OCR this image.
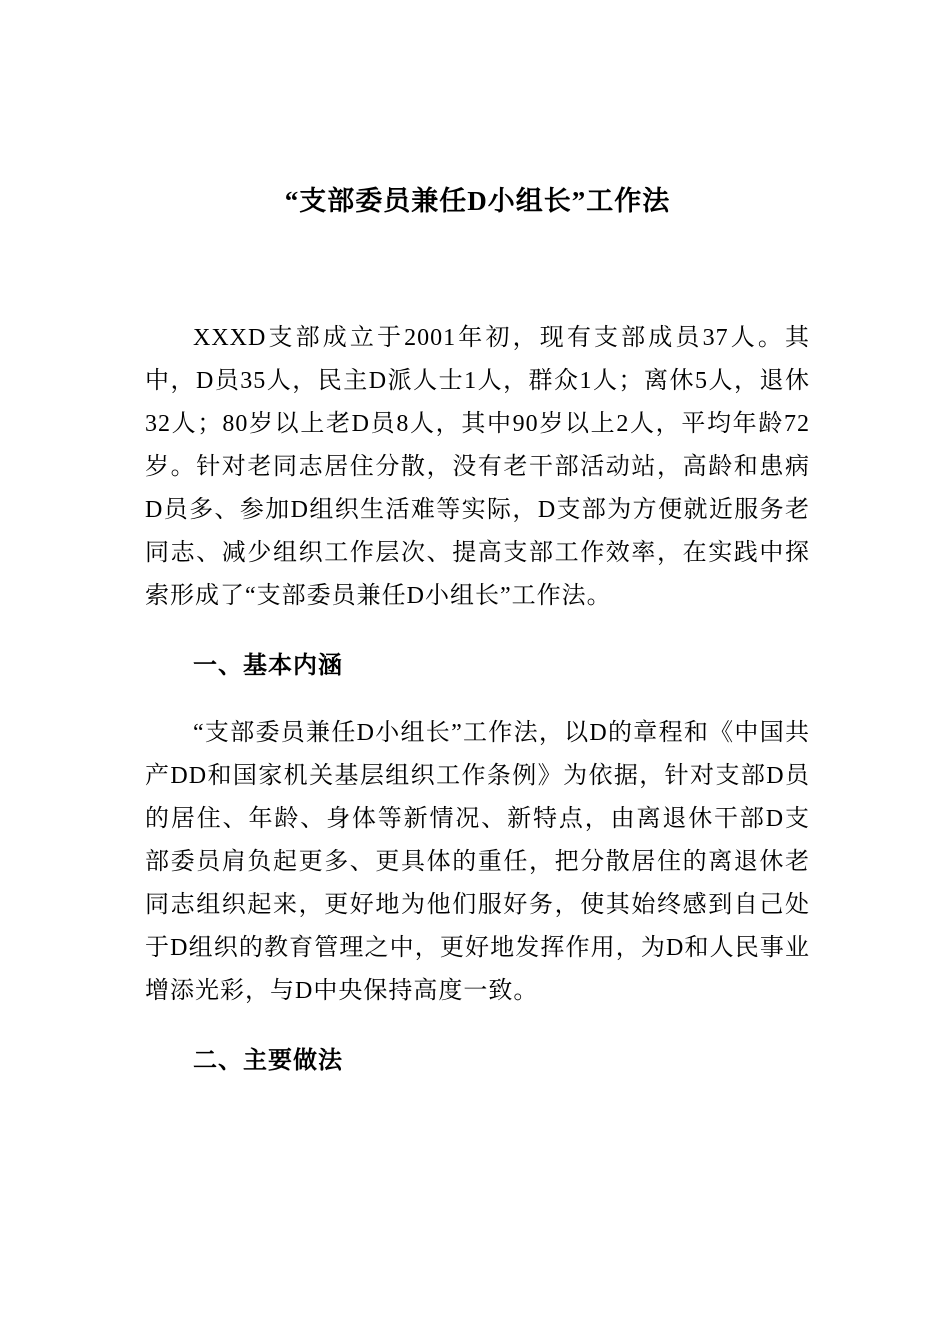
“支部委员兼任D小组长”工作法
XXXD支部成立于2001年初，现有支部成员37人。其中，D员35人，民主D派人士1人，群众1人；离休5人，退休32人；80岁以上老D员8人，其中90岁以上2人，平均年龄72岁。针对老同志居住分散，没有老干部活动站，高龄和患病D员多、参加D组织生活难等实际，D支部为方便就近服务老同志、减少组织工作层次、提高支部工作效率，在实践中探索形成了“支部委员兼任D小组长”工作法。
一、基本内涵
“支部委员兼任D小组长”工作法，以D的章程和《中国共产DD和国家机关基层组织工作条例》为依据，针对支部D员的居住、年龄、身体等新情况、新特点，由离退休干部D支部委员肩负起更多、更具体的重任，把分散居住的离退休老同志组织起来，更好地为他们服好务，使其始终感到自己处于D组织的教育管理之中，更好地发挥作用，为D和人民事业增添光彩，与D中央保持高度一致。
二、主要做法
